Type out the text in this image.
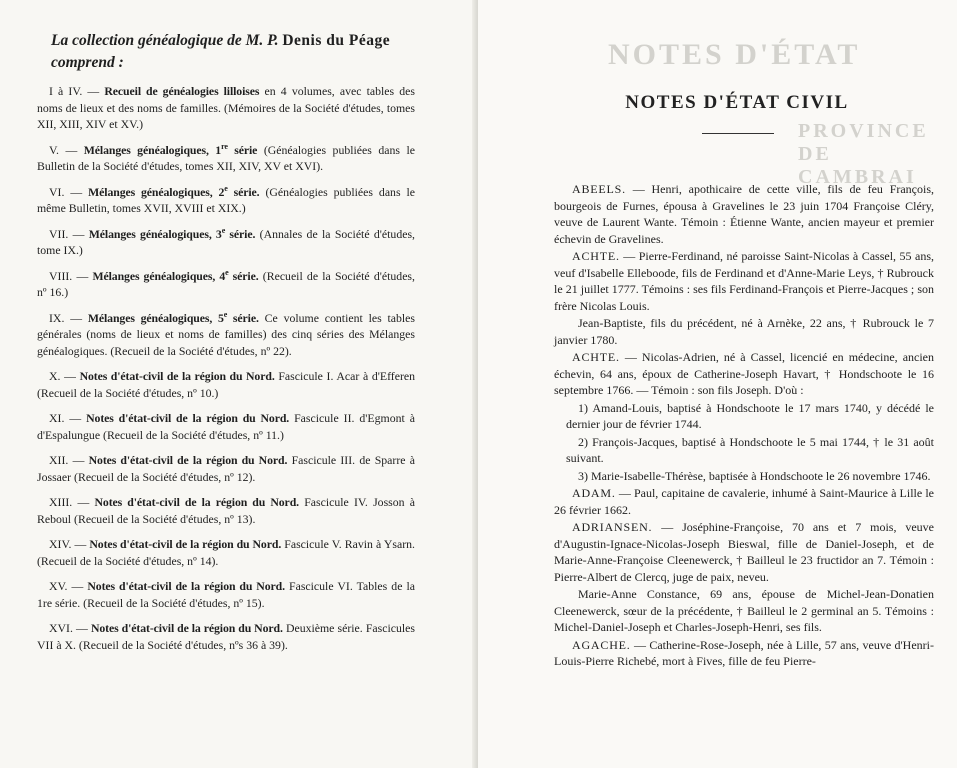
La collection généalogique de M. P. Denis du Péage
comprend :
I à IV. — Recueil de généalogies lilloises en 4 volumes, avec tables des noms de lieux et des noms de familles. (Mémoires de la Société d'études, tomes XII, XIII, XIV et XV.)
V. — Mélanges généalogiques, 1re série (Généalogies publiées dans le Bulletin de la Société d'études, tomes XII, XIV, XV et XVI).
VI. — Mélanges généalogiques, 2e série. (Généalogies publiées dans le même Bulletin, tomes XVII, XVIII et XIX.)
VII. — Mélanges généalogiques, 3e série. (Annales de la Société d'études, tome IX.)
VIII. — Mélanges généalogiques, 4e série. (Recueil de la Société d'études, nº 16.)
IX. — Mélanges généalogiques, 5e série. Ce volume contient les tables générales (noms de lieux et noms de familles) des cinq séries des Mélanges généalogiques. (Recueil de la Société d'études, nº 22).
X. — Notes d'état-civil de la région du Nord. Fascicule I. Acar à d'Efferen (Recueil de la Société d'études, nº 10.)
XI. — Notes d'état-civil de la région du Nord. Fascicule II. d'Egmont à d'Espalungue (Recueil de la Société d'études, nº 11.)
XII. — Notes d'état-civil de la région du Nord. Fascicule III. de Sparre à Jossaer (Recueil de la Société d'études, nº 12).
XIII. — Notes d'état-civil de la région du Nord. Fascicule IV. Josson à Reboul (Recueil de la Société d'études, nº 13).
XIV. — Notes d'état-civil de la région du Nord. Fascicule V. Ravin à Ysarn. (Recueil de la Société d'études, nº 14).
XV. — Notes d'état-civil de la région du Nord. Fascicule VI. Tables de la 1re série. (Recueil de la Société d'études, nº 15).
XVI. — Notes d'état-civil de la région du Nord. Deuxième série. Fascicules VII à X. (Recueil de la Société d'études, nºs 36 à 39).
NOTES D'ÉTAT
PROVINCE DE CAMBRAI
NOTES D'ÉTAT CIVIL
ABEELS. — Henri, apothicaire de cette ville, fils de feu François, bourgeois de Furnes, épousa à Gravelines le 23 juin 1704 Françoise Cléry, veuve de Laurent Wante. Témoin : Étienne Wante, ancien mayeur et premier échevin de Gravelines.
ACHTE. — Pierre-Ferdinand, né paroisse Saint-Nicolas à Cassel, 55 ans, veuf d'Isabelle Elleboode, fils de Ferdinand et d'Anne-Marie Leys, † Rubrouck le 21 juillet 1777. Témoins : ses fils Ferdinand-François et Pierre-Jacques ; son frère Nicolas Louis.
Jean-Baptiste, fils du précédent, né à Arnèke, 22 ans, † Rubrouck le 7 janvier 1780.
ACHTE. — Nicolas-Adrien, né à Cassel, licencié en médecine, ancien échevin, 64 ans, époux de Catherine-Joseph Havart, † Hondschoote le 16 septembre 1766. — Témoin : son fils Joseph. D'où :
1) Amand-Louis, baptisé à Hondschoote le 17 mars 1740, y décédé le dernier jour de février 1744.
2) François-Jacques, baptisé à Hondschoote le 5 mai 1744, † le 31 août suivant.
3) Marie-Isabelle-Thérèse, baptisée à Hondschoote le 26 novembre 1746.
ADAM. — Paul, capitaine de cavalerie, inhumé à Saint-Maurice à Lille le 26 février 1662.
ADRIANSEN. — Joséphine-Françoise, 70 ans et 7 mois, veuve d'Augustin-Ignace-Nicolas-Joseph Bieswal, fille de Daniel-Joseph, et de Marie-Anne-Françoise Cleenewerck, † Bailleul le 23 fructidor an 7. Témoin : Pierre-Albert de Clercq, juge de paix, neveu.
Marie-Anne Constance, 69 ans, épouse de Michel-Jean-Donatien Cleenewerck, sœur de la précédente, † Bailleul le 2 germinal an 5. Témoins : Michel-Daniel-Joseph et Charles-Joseph-Henri, ses fils.
AGACHE. — Catherine-Rose-Joseph, née à Lille, 57 ans, veuve d'Henri-Louis-Pierre Richebé, mort à Fives, fille de feu Pierre-
